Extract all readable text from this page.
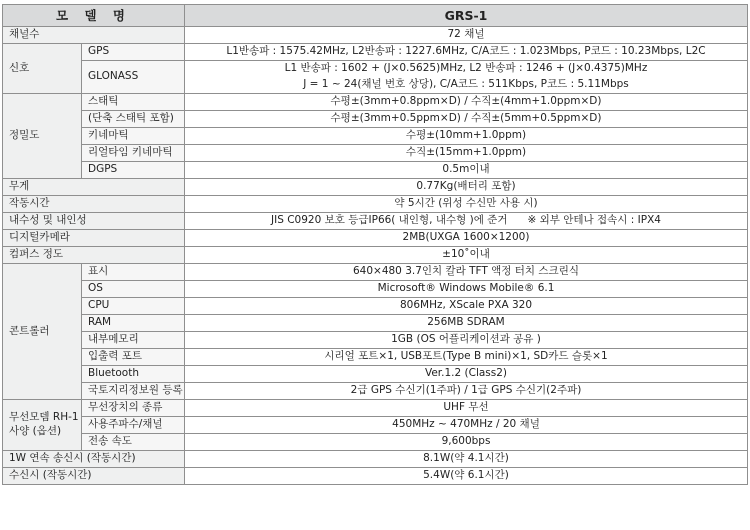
모 델 명		GRS-1
채널수		72 채널
신호	GPS	L1반송파 : 1575.42MHz, L2반송파 : 1227.6MHz, C/A코드 : 1.023Mbps, P코드 : 10.23Mbps, L2C
	GLONASS	L1 반송파 : 1602 + (J×0.5625)MHz, L2 반송파 : 1246 + (J×0.4375)MHz
		J = 1 ~ 24(채널 번호 상당), C/A코드 : 511Kbps, P코드 : 5.11Mbps
정밀도	스태틱	수평±(3mm+0.8ppm×D) / 수직±(4mm+1.0ppm×D)
	(단축 스태틱 포함)	수평±(3mm+0.5ppm×D) / 수직±(5mm+0.5ppm×D)
	키네마틱	수평±(10mm+1.0ppm)
	리얼타임 키네마틱	수직±(15mm+1.0ppm)
	DGPS	0.5m이내
무게		0.77Kg(배터리 포함)
작동시간		약 5시간 (위성 수신만 사용 시)
내수성 및 내인성		JIS C0920 보호 등급IP66( 내인형, 내수형 )에 준거      ※ 외부 안테나 접속시 : IPX4
디지털카메라		2MB(UXGA 1600×1200)
컴퍼스 정도		±10˚이내
콘트롤러	표시	640×480 3.7인치 칼라 TFT 액정 터치 스크린식
	OS	Microsoft® Windows Mobile® 6.1
	CPU	806MHz, XScale PXA 320
	RAM	256MB SDRAM
	내부메모리	1GB (OS 어플리케이션과 공유 )
	입출력 포트	시리얼 포트×1, USB포트(Type B mini)×1, SD카드 슬롯×1
	Bluetooth	Ver.1.2 (Class2)
	국토지리정보원 등록	2급 GPS 수신기(1주파) / 1급 GPS 수신기(2주파)

무선모뎀 RH-1
사양 (옵션)	무선장치의 종류	UHF 무선
	사용주파수/채널	450MHz ~ 470MHz / 20 채널
	전송 속도	9,600bps
1W 연속 송신시 (작동시간)		8.1W(약 4.1시간)
수신시 (작동시간)		5.4W(약 6.1시간)
